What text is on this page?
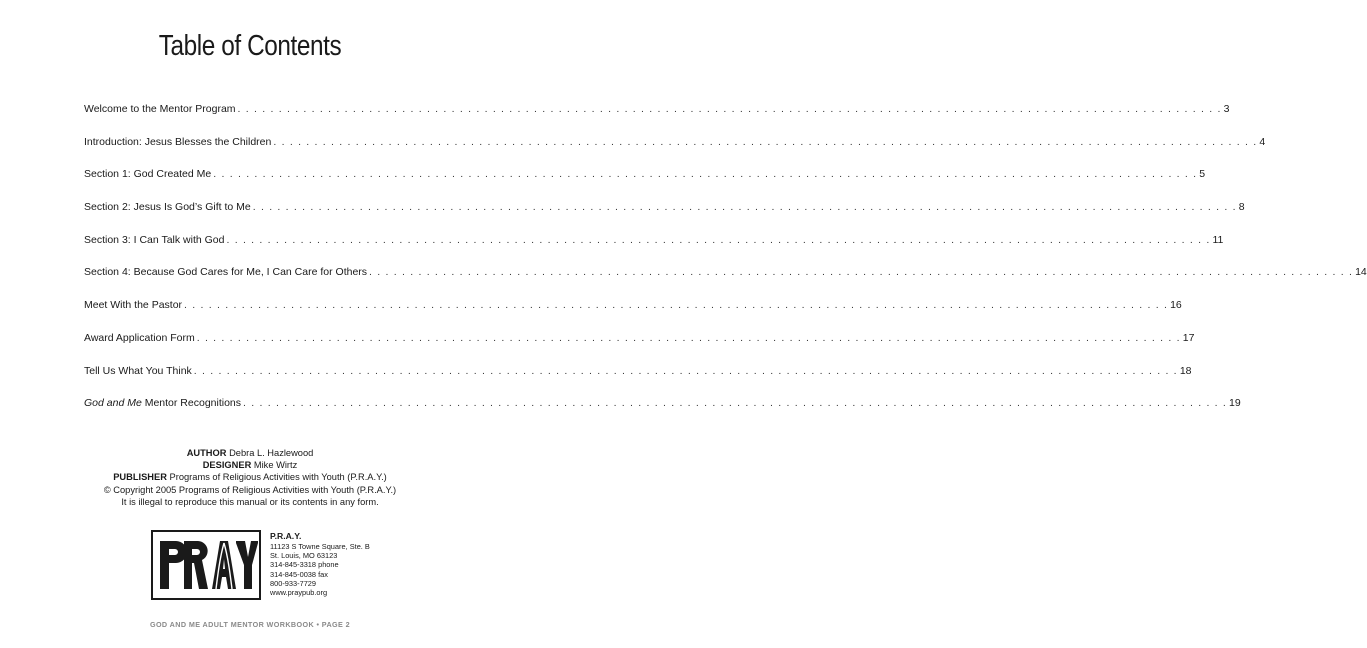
Table of Contents
Welcome to the Mentor Program . . . . . . . . . . . . . . . . . . . . . . . . . . . . . . . . . . . . . . . . . . . . . . . . . . . . . . . . . . . . . . . . . . . . . . . . . . . . . . . . . . . . . . . . . . . . . . . . . . . . . . . . . . . . . . . . . . . . . . . . 3
Introduction: Jesus Blesses the Children . . . . . . . . . . . . . . . . . . . . . . . . . . . . . . . . . . . . . . . . . . . . . . . . . . . . . . . . . . . . . . . . . . . . . . . . . . . . . . . . . . . . . . . . . . . . . . . . . . . . . . . . . . . . . . . . . . . . . . . . 4
Section 1: God Created Me . . . . . . . . . . . . . . . . . . . . . . . . . . . . . . . . . . . . . . . . . . . . . . . . . . . . . . . . . . . . . . . . . . . . . . . . . . . . . . . . . . . . . . . . . . . . . . . . . . . . . . . . . . . . . . . . . . . . . . . . 5
Section 2: Jesus Is God’s Gift to Me . . . . . . . . . . . . . . . . . . . . . . . . . . . . . . . . . . . . . . . . . . . . . . . . . . . . . . . . . . . . . . . . . . . . . . . . . . . . . . . . . . . . . . . . . . . . . . . . . . . . . . . . . . . . . . . . . . . . . . . . 8
Section 3: I Can Talk with God . . . . . . . . . . . . . . . . . . . . . . . . . . . . . . . . . . . . . . . . . . . . . . . . . . . . . . . . . . . . . . . . . . . . . . . . . . . . . . . . . . . . . . . . . . . . . . . . . . . . . . . . . . . . . . . . . . . . . . . . 11
Section 4: Because God Cares for Me, I Can Care for Others . . . . . . . . . . . . . . . . . . . . . . . . . . . . . . . . . . . . . . . . . . . . . . . . . . . . . . . . . . . . . . . . . . . . . . . . . . . . . . . . . . . . . . . . . . . . . . . . . . . . . . . . . . . . . . . . . . . . . . . . 14
Meet With the Pastor . . . . . . . . . . . . . . . . . . . . . . . . . . . . . . . . . . . . . . . . . . . . . . . . . . . . . . . . . . . . . . . . . . . . . . . . . . . . . . . . . . . . . . . . . . . . . . . . . . . . . . . . . . . . . . . . . . . . . . . . 16
Award Application Form . . . . . . . . . . . . . . . . . . . . . . . . . . . . . . . . . . . . . . . . . . . . . . . . . . . . . . . . . . . . . . . . . . . . . . . . . . . . . . . . . . . . . . . . . . . . . . . . . . . . . . . . . . . . . . . . . . . . . . . . 17
Tell Us What You Think . . . . . . . . . . . . . . . . . . . . . . . . . . . . . . . . . . . . . . . . . . . . . . . . . . . . . . . . . . . . . . . . . . . . . . . . . . . . . . . . . . . . . . . . . . . . . . . . . . . . . . . . . . . . . . . . . . . . . . . . 18
God and Me Mentor Recognitions . . . . . . . . . . . . . . . . . . . . . . . . . . . . . . . . . . . . . . . . . . . . . . . . . . . . . . . . . . . . . . . . . . . . . . . . . . . . . . . . . . . . . . . . . . . . . . . . . . . . . . . . . . . . . . . . . . . . . . . . 19
AUTHOR Debra L. Hazlewood
DESIGNER Mike Wirtz
PUBLISHER Programs of Religious Activities with Youth (P.R.A.Y.)
© Copyright 2005 Programs of Religious Activities with Youth (P.R.A.Y.)
It is illegal to reproduce this manual or its contents in any form.
P.R.A.Y.
11123 S Towne Square, Ste. B
St. Louis, MO 63123
314-845-3318 phone
314-845-0038 fax
800-933-7729
www.praypub.org
GOD AND ME ADULT MENTOR WORKBOOK • PAGE 2
